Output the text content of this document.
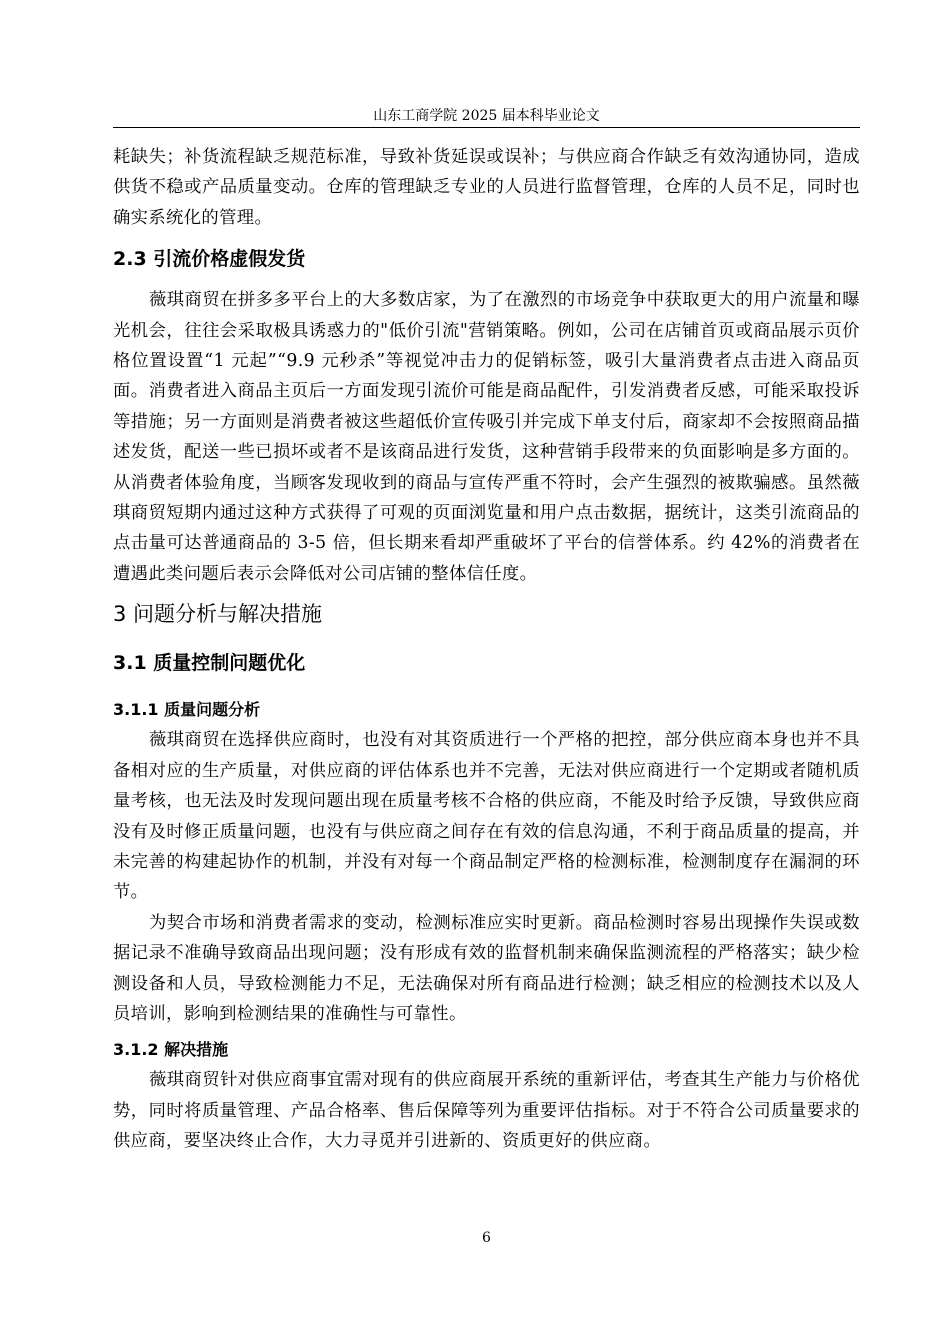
山东工商学院 2025 届本科毕业论文

耗缺失；补货流程缺乏规范标准，导致补货延误或误补；与供应商合作缺乏有效沟通协同，造成供货不稳或产品质量变动。仓库的管理缺乏专业的人员进行监督管理，仓库的人员不足，同时也确实系统化的管理。

2.3 引流价格虚假发货

薇琪商贸在拼多多平台上的大多数店家，为了在激烈的市场竞争中获取更大的用户流量和曝光机会，往往会采取极具诱惑力的"低价引流"营销策略。例如，公司在店铺首页或商品展示页价格位置设置“1 元起”“9.9 元秒杀”等视觉冲击力的促销标签，吸引大量消费者点击进入商品页面。消费者进入商品主页后一方面发现引流价可能是商品配件，引发消费者反感，可能采取投诉等措施；另一方面则是消费者被这些超低价宣传吸引并完成下单支付后，商家却不会按照商品描述发货，配送一些已损坏或者不是该商品进行发货，这种营销手段带来的负面影响是多方面的。从消费者体验角度，当顾客发现收到的商品与宣传严重不符时，会产生强烈的被欺骗感。虽然薇琪商贸短期内通过这种方式获得了可观的页面浏览量和用户点击数据，据统计，这类引流商品的点击量可达普通商品的 3-5 倍，但长期来看却严重破坏了平台的信誉体系。约 42%的消费者在遭遇此类问题后表示会降低对公司店铺的整体信任度。

3 问题分析与解决措施
3.1 质量控制问题优化
3.1.1 质量问题分析

薇琪商贸在选择供应商时，也没有对其资质进行一个严格的把控，部分供应商本身也并不具备相对应的生产质量，对供应商的评估体系也并不完善，无法对供应商进行一个定期或者随机质量考核，也无法及时发现问题出现在质量考核不合格的供应商，不能及时给予反馈，导致供应商没有及时修正质量问题，也没有与供应商之间存在有效的信息沟通，不利于商品质量的提高，并未完善的构建起协作的机制，并没有对每一个商品制定严格的检测标准，检测制度存在漏洞的环节。

为契合市场和消费者需求的变动，检测标准应实时更新。商品检测时容易出现操作失误或数据记录不准确导致商品出现问题；没有形成有效的监督机制来确保监测流程的严格落实；缺少检测设备和人员，导致检测能力不足，无法确保对所有商品进行检测；缺乏相应的检测技术以及人员培训，影响到检测结果的准确性与可靠性。

3.1.2 解决措施

薇琪商贸针对供应商事宜需对现有的供应商展开系统的重新评估，考查其生产能力与价格优势，同时将质量管理、产品合格率、售后保障等列为重要评估指标。对于不符合公司质量要求的供应商，要坚决终止合作，大力寻觅并引进新的、资质更好的供应商。

6
